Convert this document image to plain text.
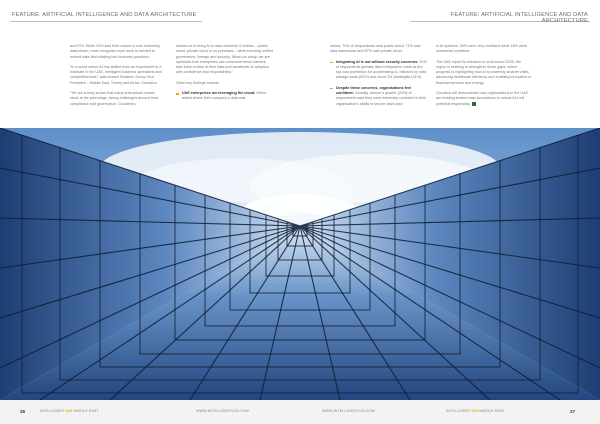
FEATURE: ARTIFICIAL INTELLIGENCE AND DATA ARCHITECTURE	FEATURE: ARTIFICIAL INTELLIGENCE AND DATA ARCHITECTURE

and ROI. While 24% said their culture is now extremely data-driven, most recognise more work is needed to embed data-first thinking into business practices.

“In a world where AI has shifted from an experiment to a mandate in the UAE, intelligent business operations and competitiveness,” said Ahmed Shakeel, Group Vice President – Middle East, Turkey and Africa, Cloudera.

“Yet our survey shows that many enterprises remain stuck at the pilot stage, facing challenges around trust, compliance and governance. Cloudera’s

mission is to bring AI to data wherever it resides – public cloud, private cloud or on-premises – while ensuring unified governance, lineage and security. What our study: we are optimistic that enterprises can overcome these barriers, take back control of their data and accelerate AI adoption with confidence and responsibility.”

Other key findings include:

UAE enterprises are leveraging the cloud: When asked where their company’s data was

stored, 70% of respondents said public cloud; 71% said data warehouse and 67% said private cloud.

Integrating AI is not without security concerns: 51% of respondents globally listed integration costs as the top cost prohibition for accelerating AI, followed by data storage costs (53%) and cloud 3% (strategies (41%).

Despite these concerns, organisations feel confident: Globally, almost a quarter (24%) of respondents said they were extremely confident in their organisation’s ability to secure data used

in AI systems, 53% were very confident while 18% were somewhat confident.

The UAE report is released on to AI-tuned 2025, the region is seeking to strengthen these gaps, where progress is highlighting how AI is powering smarter cities, advancing healthcare efficiency and enabling innovation in financial services and energy.

Cloudera will demonstrate how organisations in the UAE are building trusted data foundations to unlock AI’s full potential responsibly.

26	INTELLIGENT CIO MIDDLE EAST	WWW.INTELLIGENTCIO.COM	WWW.INTELLIGENTCIO.COM	INTELLIGENT CIO MIDDLE EAST	27
